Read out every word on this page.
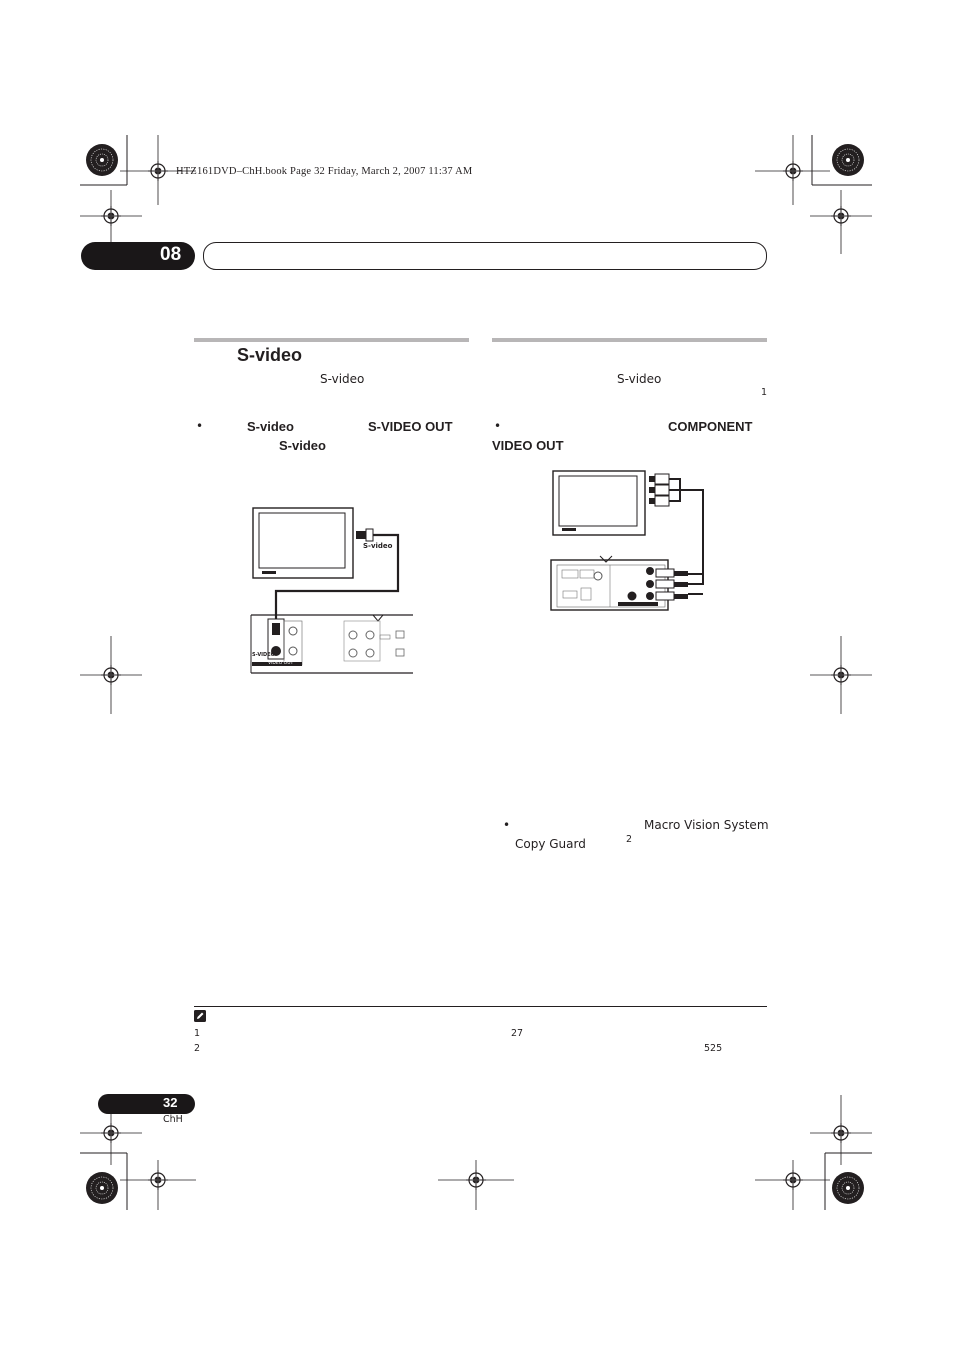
HTZ161DVD–ChH.book Page 32 Friday, March 2, 2007 11:37 AM
08
S-video
S-video
•	S-video	S-VIDEO OUT
S-video
S-video
S-VIDEO
VIDEO OUT
S-video
1
•	COMPONENT
VIDEO OUT
•	Macro Vision System
Copy Guard	2
1	27
2	525
32
ChH
